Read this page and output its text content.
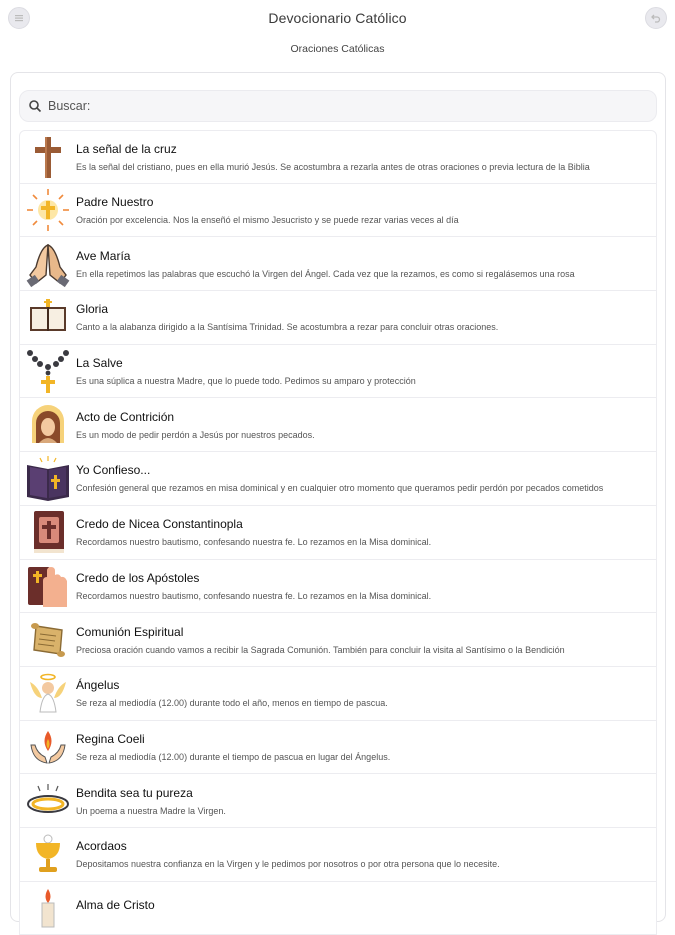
Devocionario Católico
Oraciones Católicas
Buscar:
La señal de la cruz
Es la señal del cristiano, pues en ella murió Jesús. Se acostumbra a rezarla antes de otras oraciones o previa lectura de la Biblia
Padre Nuestro
Oración por excelencia. Nos la enseñó el mismo Jesucristo y se puede rezar varias veces al día
Ave María
En ella repetimos las palabras que escuchó la Virgen del Ángel. Cada vez que la rezamos, es como si regalásemos una rosa
Gloria
Canto a la alabanza dirigido a la Santísima Trinidad. Se acostumbra a rezar para concluir otras oraciones.
La Salve
Es una súplica a nuestra Madre, que lo puede todo. Pedimos su amparo y protección
Acto de Contrición
Es un modo de pedir perdón a Jesús por nuestros pecados.
Yo Confieso...
Confesión general que rezamos en misa dominical y en cualquier otro momento que queramos pedir perdón por pecados cometidos
Credo de Nicea Constantinopla
Recordamos nuestro bautismo, confesando nuestra fe. Lo rezamos en la Misa dominical.
Credo de los Apóstoles
Recordamos nuestro bautismo, confesando nuestra fe. Lo rezamos en la Misa dominical.
Comunión Espiritual
Preciosa oración cuando vamos a recibir la Sagrada Comunión. También para concluir la visita al Santísimo o la Bendición
Ángelus
Se reza al mediodía (12.00) durante todo el año, menos en tiempo de pascua.
Regina Coeli
Se reza al mediodía (12.00) durante el tiempo de pascua en lugar del Ángelus.
Bendita sea tu pureza
Un poema a nuestra Madre la Virgen.
Acordaos
Depositamos nuestra confianza en la Virgen y le pedimos por nosotros o por otra persona que lo necesite.
Alma de Cristo
